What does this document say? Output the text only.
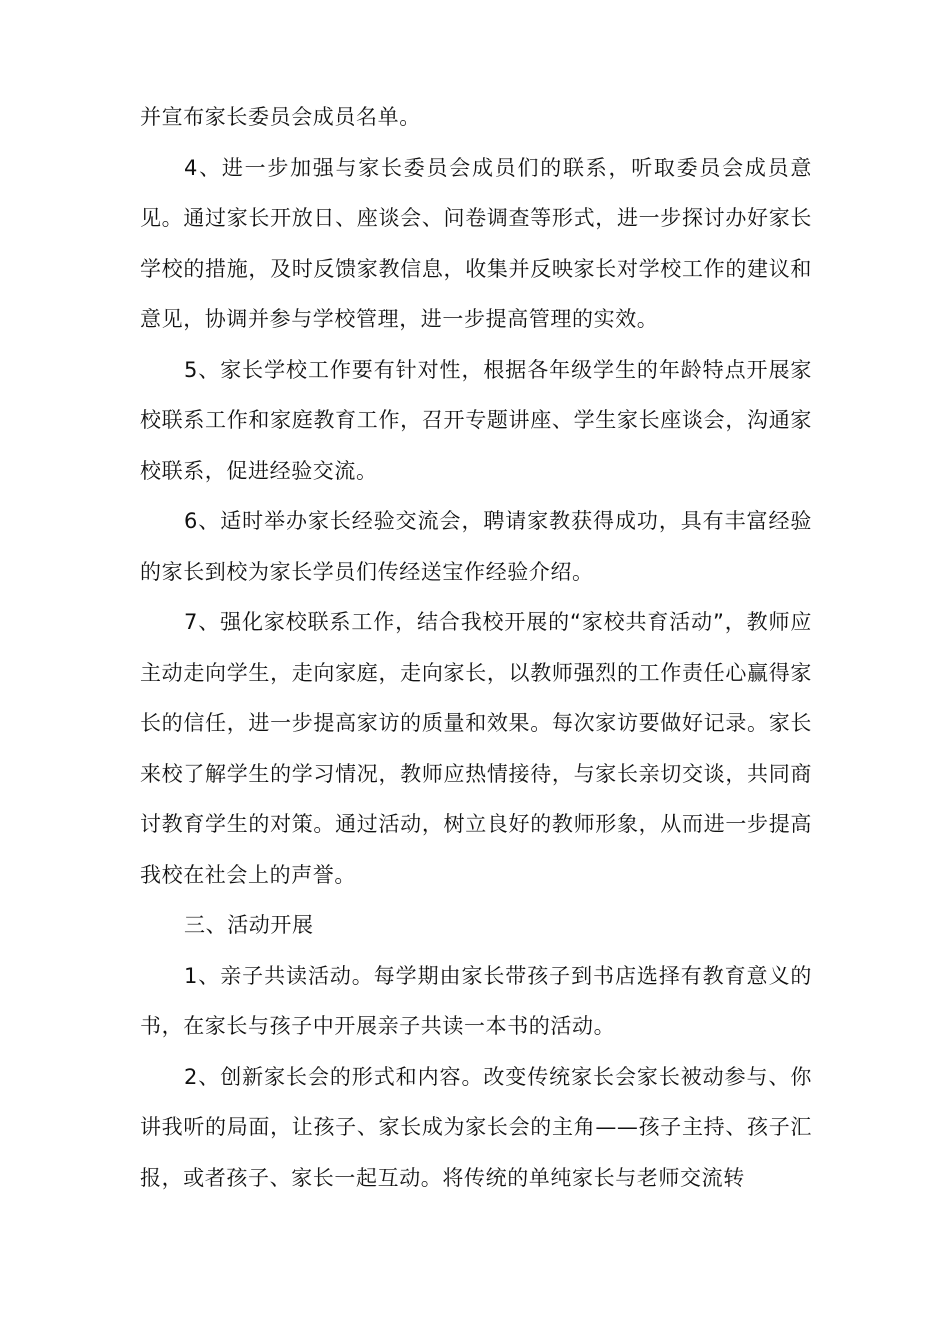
并宣布家长委员会成员名单。

4、进一步加强与家长委员会成员们的联系，听取委员会成员意见。通过家长开放日、座谈会、问卷调查等形式，进一步探讨办好家长学校的措施，及时反馈家教信息，收集并反映家长对学校工作的建议和意见，协调并参与学校管理，进一步提高管理的实效。

5、家长学校工作要有针对性，根据各年级学生的年龄特点开展家校联系工作和家庭教育工作，召开专题讲座、学生家长座谈会，沟通家校联系，促进经验交流。

6、适时举办家长经验交流会，聘请家教获得成功，具有丰富经验的家长到校为家长学员们传经送宝作经验介绍。

7、强化家校联系工作，结合我校开展的“家校共育活动”，教师应主动走向学生，走向家庭，走向家长，以教师强烈的工作责任心赢得家长的信任，进一步提高家访的质量和效果。每次家访要做好记录。家长来校了解学生的学习情况，教师应热情接待，与家长亲切交谈，共同商讨教育学生的对策。通过活动，树立良好的教师形象，从而进一步提高我校在社会上的声誉。

三、活动开展

1、亲子共读活动。每学期由家长带孩子到书店选择有教育意义的书，在家长与孩子中开展亲子共读一本书的活动。

2、创新家长会的形式和内容。改变传统家长会家长被动参与、你讲我听的局面，让孩子、家长成为家长会的主角——孩子主持、孩子汇报，或者孩子、家长一起互动。将传统的单纯家长与老师交流转
